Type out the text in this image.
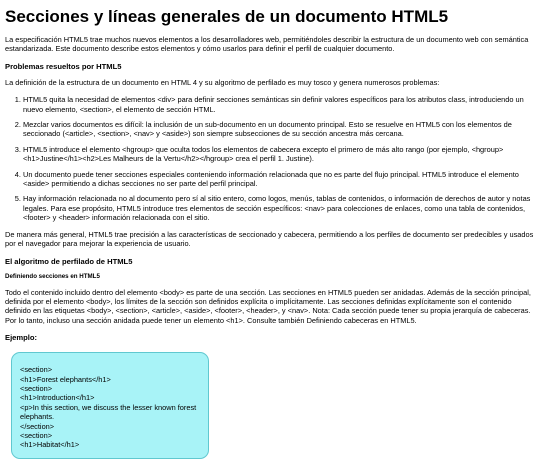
Secciones y líneas generales de un documento HTML5

La especificación HTML5 trae muchos nuevos elementos a los desarrolladores web, permitiéndoles describir la estructura de un documento web con semántica estandarizada. Este documento describe estos elementos y cómo usarlos para definir el perfil de cualquier documento.

Problemas resueltos por HTML5

La definición de la estructura de un documento en HTML 4 y su algoritmo de perfilado es muy tosco y genera numerosos problemas:

1. HTML5 quita la necesidad de elementos <div> para definir secciones semánticas sin definir valores específicos para los atributos class, introduciendo un nuevo elemento, <section>, el elemento de sección HTML.
2. Mezclar varios documentos es difícil: la inclusión de un sub-documento en un documento principal. Esto se resuelve en HTML5 con los elementos de seccionado (<article>, <section>, <nav> y <aside>) son siempre subsecciones de su sección ancestra más cercana.
3. HTML5 introduce el elemento <hgroup> que oculta todos los elementos de cabecera excepto el primero de más alto rango (por ejemplo, <hgroup> <h1>Justine</h1><h2>Les Malheurs de la Vertu</h2></hgroup> crea el perfil 1. Justine).
4. Un documento puede tener secciones especiales conteniendo información relacionada que no es parte del flujo principal. HTML5 introduce el elemento <aside> permitiendo a dichas secciones no ser parte del perfil principal.
5. Hay información relacionada no al documento pero sí al sitio entero, como logos, menús, tablas de contenidos, o información de derechos de autor y notas legales. Para ese propósito, HTML5 introduce tres elementos de sección específicos: <nav> para colecciones de enlaces, como una tabla de contenidos, <footer> y <header> información relacionada con el sitio.

De manera más general, HTML5 trae precisión a las características de seccionado y cabecera, permitiendo a los perfiles de documento ser predecibles y usados por el navegador para mejorar la experiencia de usuario.

El algoritmo de perfilado de HTML5
Definiendo secciones en HTML5

Todo el contenido incluido dentro del elemento <body> es parte de una sección. Las secciones en HTML5 pueden ser anidadas. Además de la sección principal, definida por el elemento <body>, los límites de la sección son definidos explícita o implícitamente. Las secciones definidas explícitamente son el contenido definido en las etiquetas <body>, <section>, <article>, <aside>, <footer>, <header>, y <nav>. Nota: Cada sección puede tener su propia jerarquía de cabeceras. Por lo tanto, incluso una sección anidada puede tener un elemento <h1>. Consulte también Definiendo cabeceras en HTML5.

Ejemplo:
<section>
<h1>Forest elephants</h1>
<section>
<h1>Introduction</h1>
<p>In this section, we discuss the lesser known forest elephants.
</section>
<section>
<h1>Habitat</h1>
